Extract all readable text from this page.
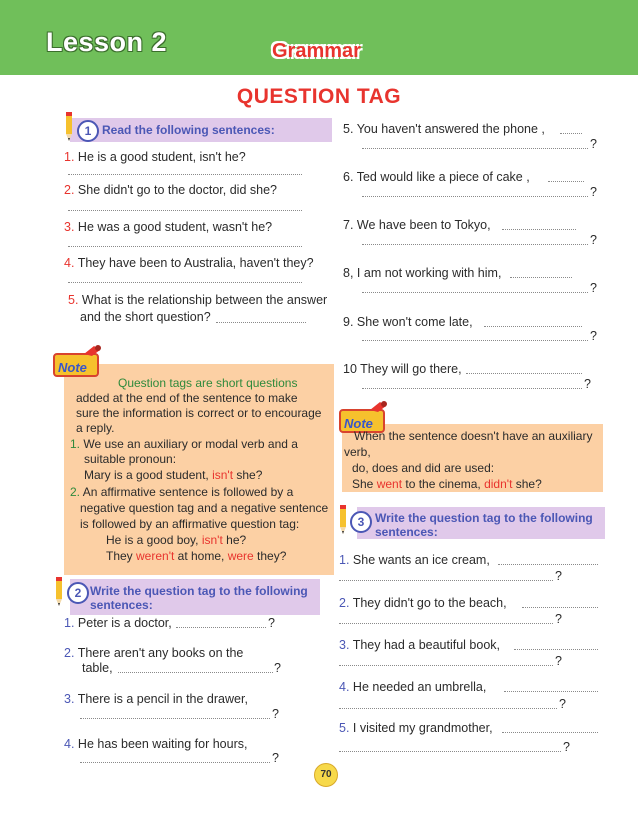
Lesson 2	Grammar
QUESTION TAG
1 Read the following sentences:
1. He is a good student, isn't he?
2. She didn't go to the doctor, did she?
3. He was a good student, wasn't he?
4. They have been to Australia, haven't they?
5. What is the relationship between the answer
and the short question?
Note
Question tags are short questions
added at the end of the sentence to make
sure the information is correct or to encourage
a reply.
1. We use an auxiliary or modal verb and a
suitable pronoun:
Mary is a good student, isn't she?
2. An affirmative sentence is followed by a
negative question tag and a negative sentence
is followed by an affirmative question tag:
He is a good boy, isn't he?
They weren't at home, were they?
2 Write the question tag to the following
sentences:
1. Peter is a doctor,	?
2. There aren't any books on the
table,	?
3. There is a pencil in the drawer,
?
4. He has been waiting for hours,
?
5. You haven't answered the phone ,
?
6. Ted would like a piece of cake ,
?
7. We have been to Tokyo,
?
8, I am not working with him,
?
9. She won't come late,
?
10 They will go there,
?
Note
When the sentence doesn't have an auxiliary
verb,
do, does and did are used:
She went to the cinema, didn't she?
3 Write the question tag to the following
sentences:
1. She wants an ice cream,
?
2. They didn't go to the beach,
?
3. They had a beautiful book,
?
4. He needed an umbrella,
?
5. I visited my grandmother,
?
70
